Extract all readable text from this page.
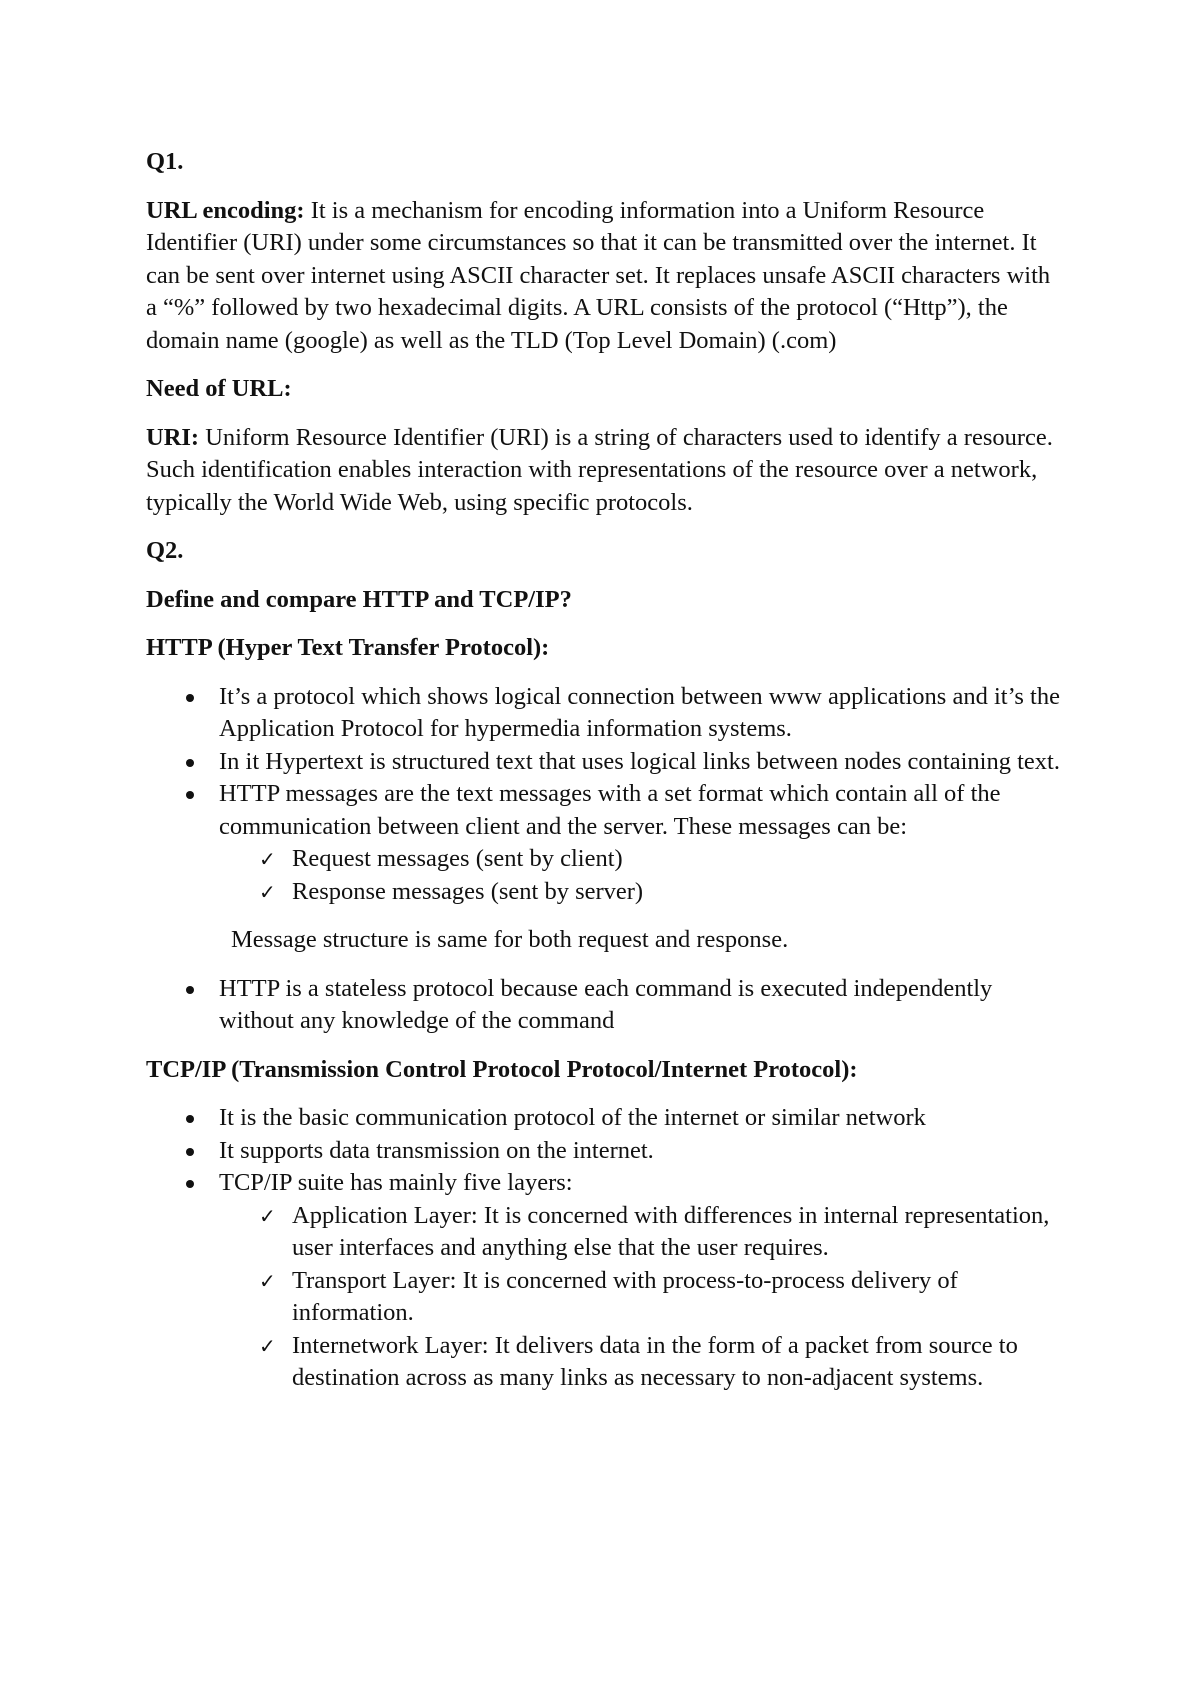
Q1.

URL encoding: It is a mechanism for encoding information into a Uniform Resource Identifier (URI) under some circumstances so that it can be transmitted over the internet. It can be sent over internet using ASCII character set. It replaces unsafe ASCII characters with a “%” followed by two hexadecimal digits. A URL consists of the protocol (“Http”), the domain name (google) as well as the TLD (Top Level Domain) (.com)

Need of URL:

URI: Uniform Resource Identifier (URI) is a string of characters used to identify a resource. Such identification enables interaction with representations of the resource over a network, typically the World Wide Web, using specific protocols.

Q2.

Define and compare HTTP and TCP/IP?

HTTP (Hyper Text Transfer Protocol):

It’s a protocol which shows logical connection between www applications and it’s the Application Protocol for hypermedia information systems.
In it Hypertext is structured text that uses logical links between nodes containing text.
HTTP messages are the text messages with a set format which contain all of the communication between client and the server. These messages can be:
✓ Request messages (sent by client)
✓ Response messages (sent by server)

Message structure is same for both request and response.

HTTP is a stateless protocol because each command is executed independently without any knowledge of the command

TCP/IP (Transmission Control Protocol Protocol/Internet Protocol):

It is the basic communication protocol of the internet or similar network
It supports data transmission on the internet.
TCP/IP suite has mainly five layers:
✓ Application Layer: It is concerned with differences in internal representation, user interfaces and anything else that the user requires.
✓ Transport Layer: It is concerned with process-to-process delivery of information.
✓ Internetwork Layer: It delivers data in the form of a packet from source to destination across as many links as necessary to non-adjacent systems.
